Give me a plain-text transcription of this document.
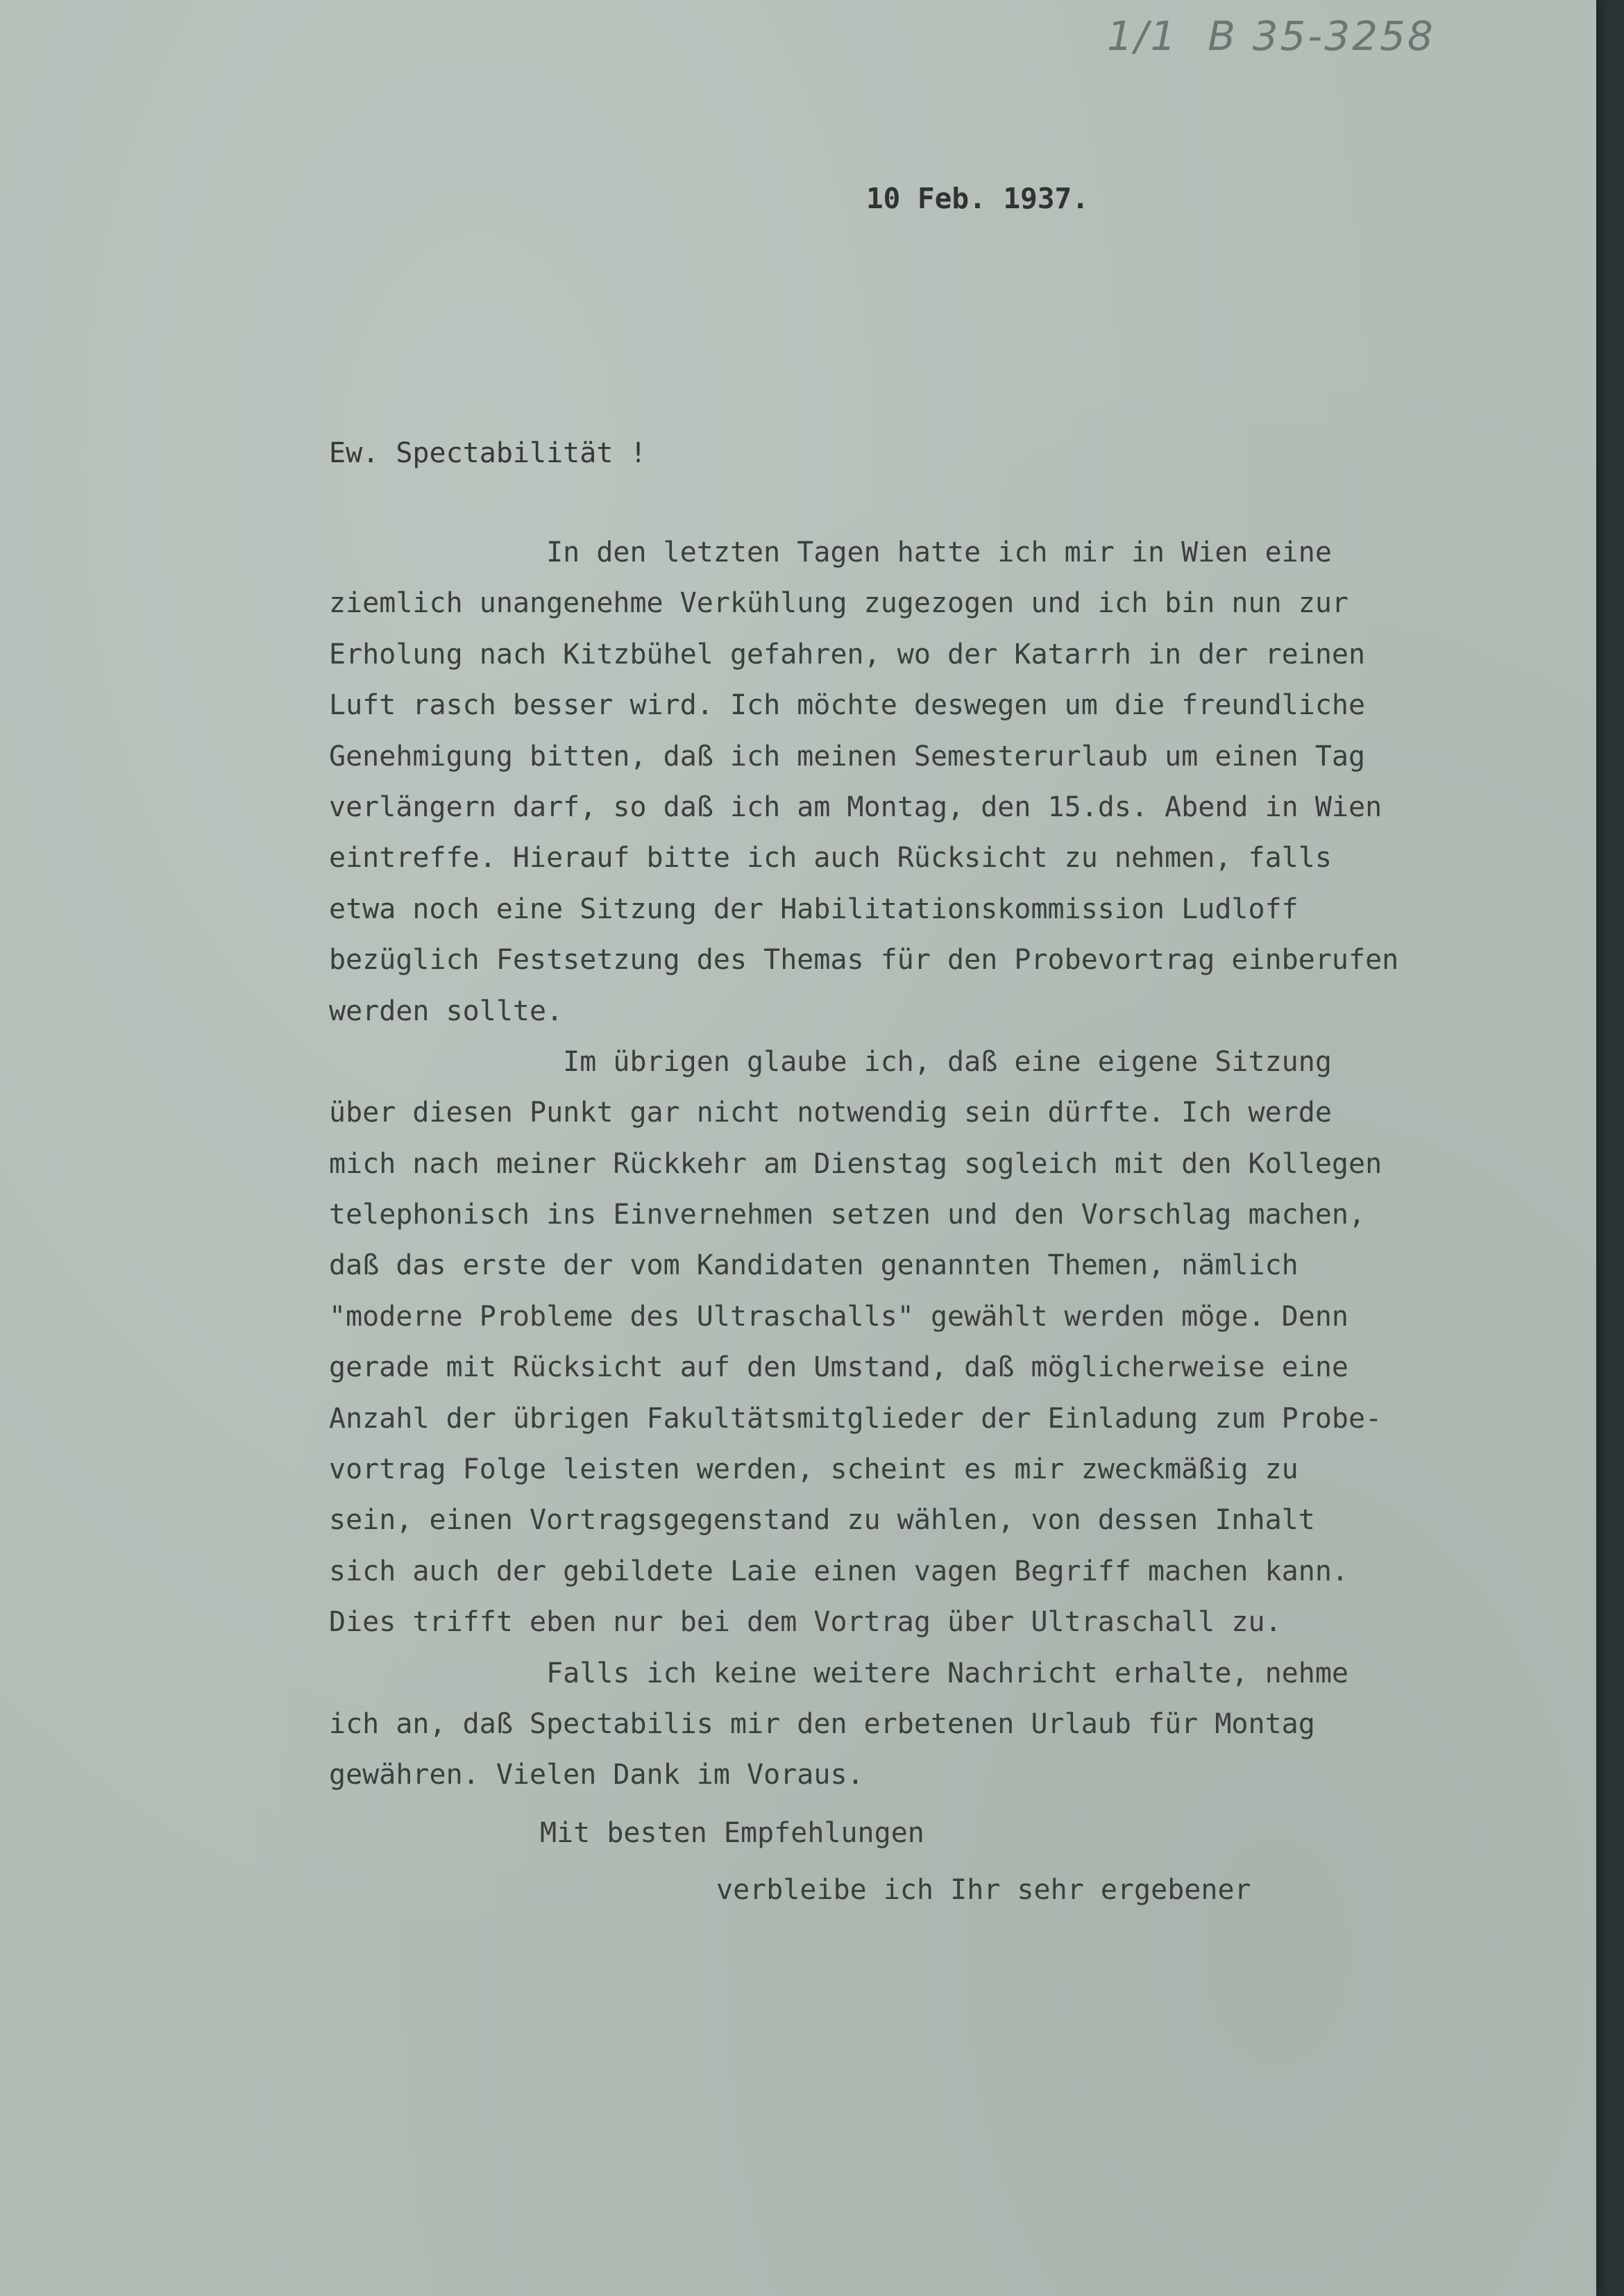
1/1  B 35-3258
10 Feb. 1937.
Ew. Spectabilität !
In den letzten Tagen hatte ich mir in Wien eine
ziemlich unangenehme Verkühlung zugezogen und ich bin nun zur
Erholung nach Kitzbühel gefahren, wo der Katarrh in der reinen
Luft rasch besser wird. Ich möchte deswegen um die freundliche
Genehmigung bitten, daß ich meinen Semesterurlaub um einen Tag
verlängern darf, so daß ich am Montag, den 15.ds. Abend in Wien
eintreffe. Hierauf bitte ich auch Rücksicht zu nehmen, falls
etwa noch eine Sitzung der Habilitationskommission Ludloff
bezüglich Festsetzung des Themas für den Probevortrag einberufen
werden sollte.
Im übrigen glaube ich, daß eine eigene Sitzung
über diesen Punkt gar nicht notwendig sein dürfte. Ich werde
mich nach meiner Rückkehr am Dienstag sogleich mit den Kollegen
telephonisch ins Einvernehmen setzen und den Vorschlag machen,
daß das erste der vom Kandidaten genannten Themen, nämlich
"moderne Probleme des Ultraschalls" gewählt werden möge. Denn
gerade mit Rücksicht auf den Umstand, daß möglicherweise eine
Anzahl der übrigen Fakultätsmitglieder der Einladung zum Probe-
vortrag Folge leisten werden, scheint es mir zweckmäßig zu
sein, einen Vortragsgegenstand zu wählen, von dessen Inhalt
sich auch der gebildete Laie einen vagen Begriff machen kann.
Dies trifft eben nur bei dem Vortrag über Ultraschall zu.
Falls ich keine weitere Nachricht erhalte, nehme
ich an, daß Spectabilis mir den erbetenen Urlaub für Montag
gewähren. Vielen Dank im Voraus.
Mit besten Empfehlungen
verbleibe ich Ihr sehr ergebener
